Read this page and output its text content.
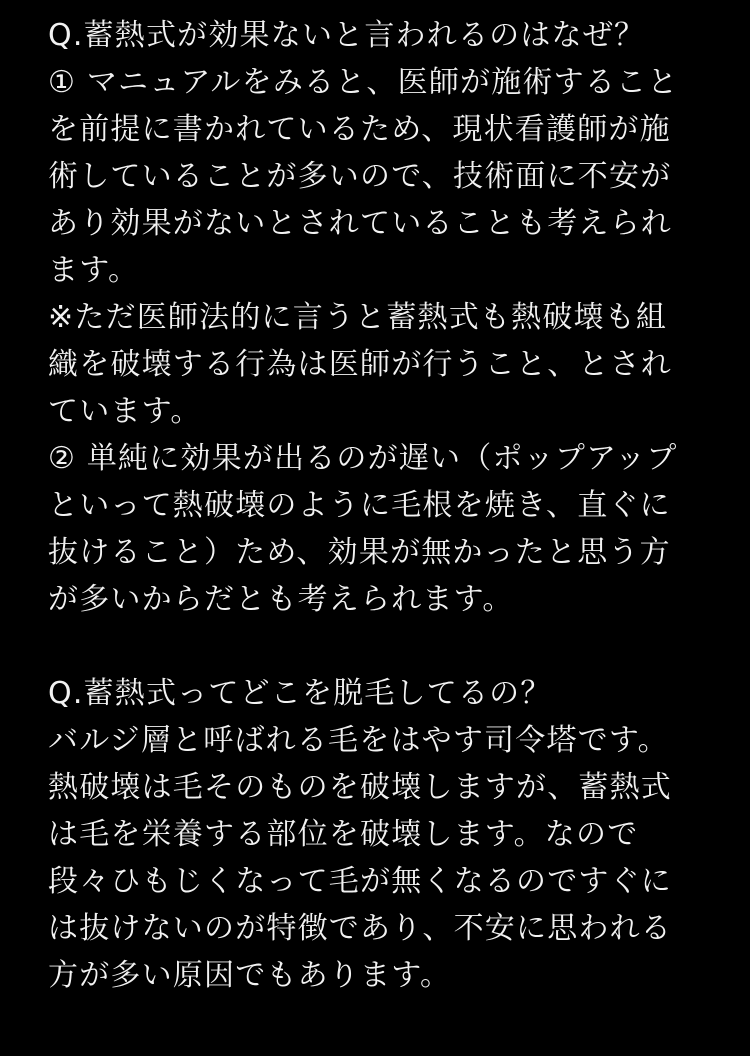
Q.蓄熱式が効果ないと言われるのはなぜ？
① マニュアルをみると、医師が施術すること
を前提に書かれているため、現状看護師が施
術していることが多いので、技術面に不安が
あり効果がないとされていることも考えられ
ます。
※ただ医師法的に言うと蓄熱式も熱破壊も組
織を破壊する行為は医師が行うこと、とされ
ています。
② 単純に効果が出るのが遅い（ポップアップ
といって熱破壊のように毛根を焼き、直ぐに
抜けること）ため、効果が無かったと思う方
が多いからだとも考えられます。
Q.蓄熱式ってどこを脱毛してるの？
バルジ層と呼ばれる毛をはやす司令塔です。
熱破壊は毛そのものを破壊しますが、蓄熱式
は毛を栄養する部位を破壊します。なので
段々ひもじくなって毛が無くなるのですぐに
は抜けないのが特徴であり、不安に思われる
方が多い原因でもあります。
